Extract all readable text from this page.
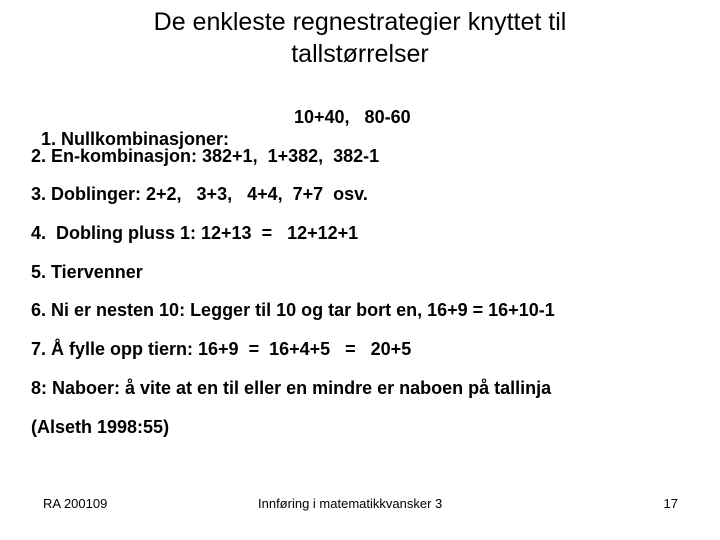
De enkleste regnestrategier knyttet til
tallstørrelser

1. Nullkombinasjoner:

10+40,   80-60

2. En-kombinasjon: 382+1,  1+382,  382-1
3. Doblinger: 2+2,   3+3,   4+4,  7+7  osv.
4.  Dobling pluss 1: 12+13  =   12+12+1
5. Tiervenner
6. Ni er nesten 10: Legger til 10 og tar bort en, 16+9 = 16+10-1
7. Å fylle opp tiern: 16+9  =  16+4+5   =   20+5
8: Naboer: å vite at en til eller en mindre er naboen på tallinja
(Alseth 1998:55)
RA 200109	Innføring i matematikkvansker 3	17
